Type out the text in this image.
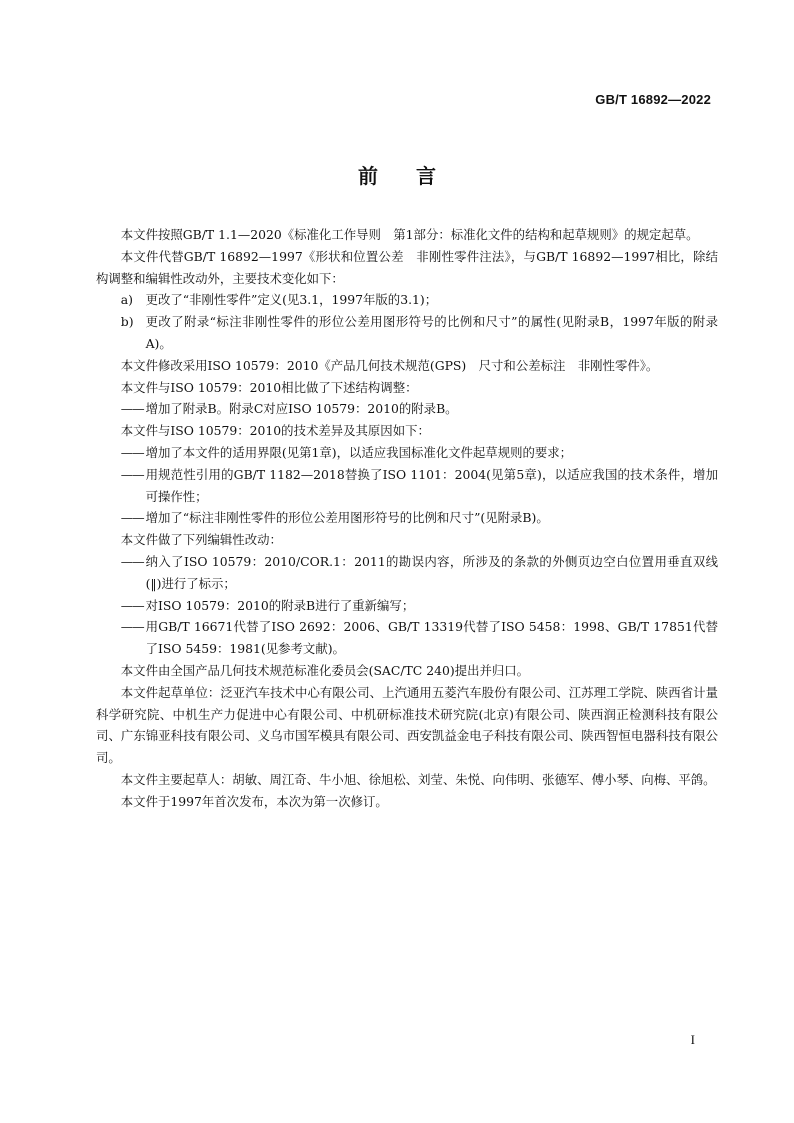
GB/T 16892—2022
前言

本文件按照GB/T 1.1—2020《标准化工作导则　第1部分：标准化文件的结构和起草规则》的规定起草。

本文件代替GB/T 16892—1997《形状和位置公差　非刚性零件注法》，与GB/T 16892—1997相比，除结构调整和编辑性改动外，主要技术变化如下：

a)	更改了“非刚性零件”定义(见3.1，1997年版的3.1)；
b) 更改了附录“标注非刚性零件的形位公差用图形符号的比例和尺寸”的属性(见附录B，1997年版的附录A)。

本文件修改采用ISO 10579：2010《产品几何技术规范(GPS)　尺寸和公差标注　非刚性零件》。

本文件与ISO 10579：2010相比做了下述结构调整：

—— 增加了附录B。附录C对应ISO 10579：2010的附录B。

本文件与ISO 10579：2010的技术差异及其原因如下：

—— 增加了本文件的适用界限(见第1章)，以适应我国标准化文件起草规则的要求；
—— 用规范性引用的GB/T 1182—2018替换了ISO 1101：2004(见第5章)，以适应我国的技术条件，增加可操作性；
—— 增加了“标注非刚性零件的形位公差用图形符号的比例和尺寸”(见附录B)。

本文件做了下列编辑性改动：

—— 纳入了ISO 10579：2010/COR.1：2011的勘误内容，所涉及的条款的外侧页边空白位置用垂直双线(‖)进行了标示；
—— 对ISO 10579：2010的附录B进行了重新编写；
—— 用GB/T 16671代替了ISO 2692：2006、GB/T 13319代替了ISO 5458：1998、GB/T 17851代替了ISO 5459：1981(见参考文献)。

本文件由全国产品几何技术规范标准化委员会(SAC/TC 240)提出并归口。

本文件起草单位：泛亚汽车技术中心有限公司、上汽通用五菱汽车股份有限公司、江苏理工学院、陕西省计量科学研究院、中机生产力促进中心有限公司、中机研标准技术研究院(北京)有限公司、陕西润正检测科技有限公司、广东锦亚科技有限公司、义乌市国军模具有限公司、西安凯益金电子科技有限公司、陕西智恒电器科技有限公司。

本文件主要起草人：胡敏、周江奇、牛小旭、徐旭松、刘莹、朱悦、向伟明、张德军、傅小琴、向梅、平鸽。

本文件于1997年首次发布，本次为第一次修订。

I
